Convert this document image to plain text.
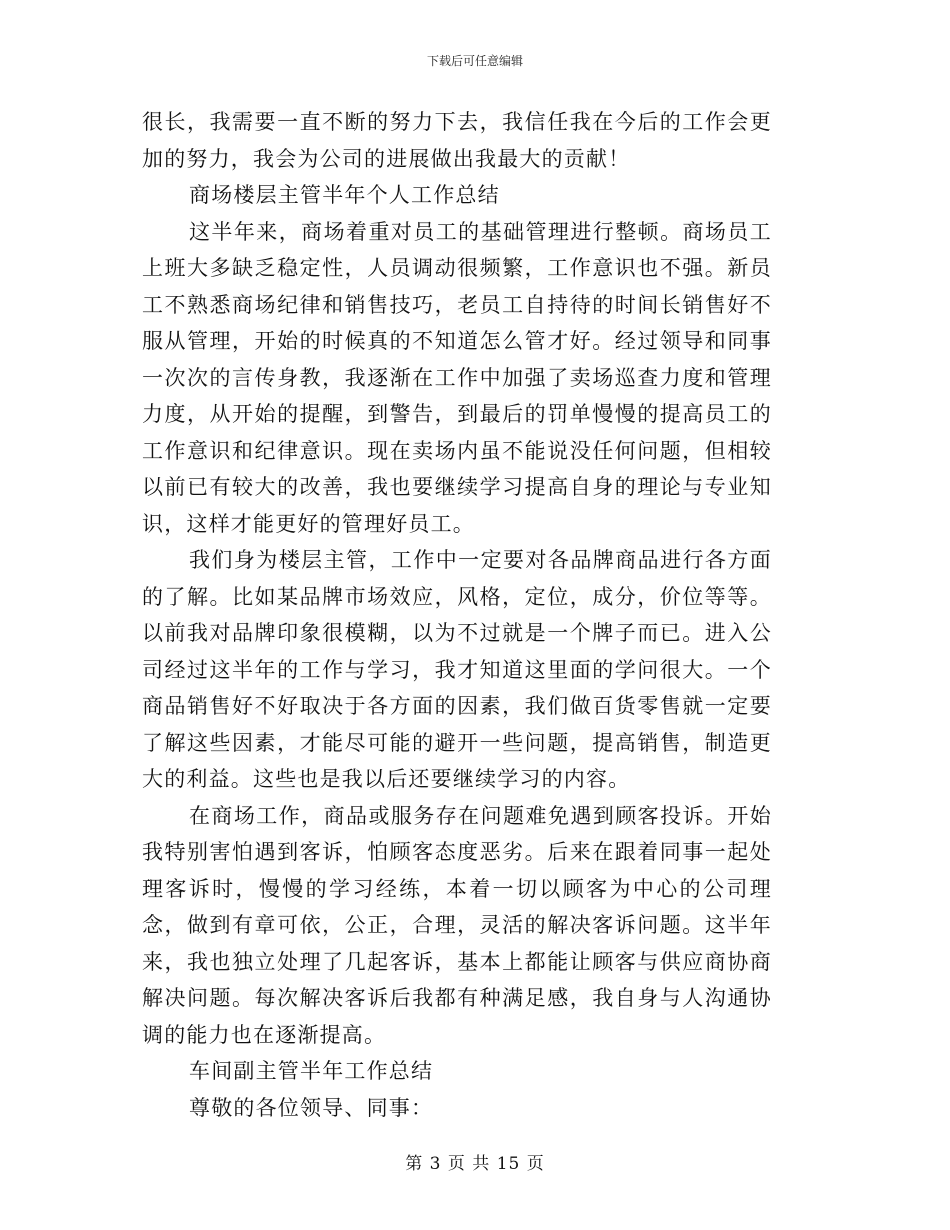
下载后可任意编辑

很长，我需要一直不断的努力下去，我信任我在今后的工作会更加的努力，我会为公司的进展做出我最大的贡献！

商场楼层主管半年个人工作总结

这半年来，商场着重对员工的基础管理进行整顿。商场员工上班大多缺乏稳定性，人员调动很频繁，工作意识也不强。新员工不熟悉商场纪律和销售技巧，老员工自持待的时间长销售好不服从管理，开始的时候真的不知道怎么管才好。经过领导和同事一次次的言传身教，我逐渐在工作中加强了卖场巡查力度和管理力度，从开始的提醒，到警告，到最后的罚单慢慢的提高员工的工作意识和纪律意识。现在卖场内虽不能说没任何问题，但相较以前已有较大的改善，我也要继续学习提高自身的理论与专业知识，这样才能更好的管理好员工。

我们身为楼层主管，工作中一定要对各品牌商品进行各方面的了解。比如某品牌市场效应，风格，定位，成分，价位等等。以前我对品牌印象很模糊，以为不过就是一个牌子而已。进入公司经过这半年的工作与学习，我才知道这里面的学问很大。一个商品销售好不好取决于各方面的因素，我们做百货零售就一定要了解这些因素，才能尽可能的避开一些问题，提高销售，制造更大的利益。这些也是我以后还要继续学习的内容。

在商场工作，商品或服务存在问题难免遇到顾客投诉。开始我特别害怕遇到客诉，怕顾客态度恶劣。后来在跟着同事一起处理客诉时，慢慢的学习经练，本着一切以顾客为中心的公司理念，做到有章可依，公正，合理，灵活的解决客诉问题。这半年来，我也独立处理了几起客诉，基本上都能让顾客与供应商协商解决问题。每次解决客诉后我都有种满足感，我自身与人沟通协调的能力也在逐渐提高。

车间副主管半年工作总结

尊敬的各位领导、同事：

第 3 页 共 15 页
